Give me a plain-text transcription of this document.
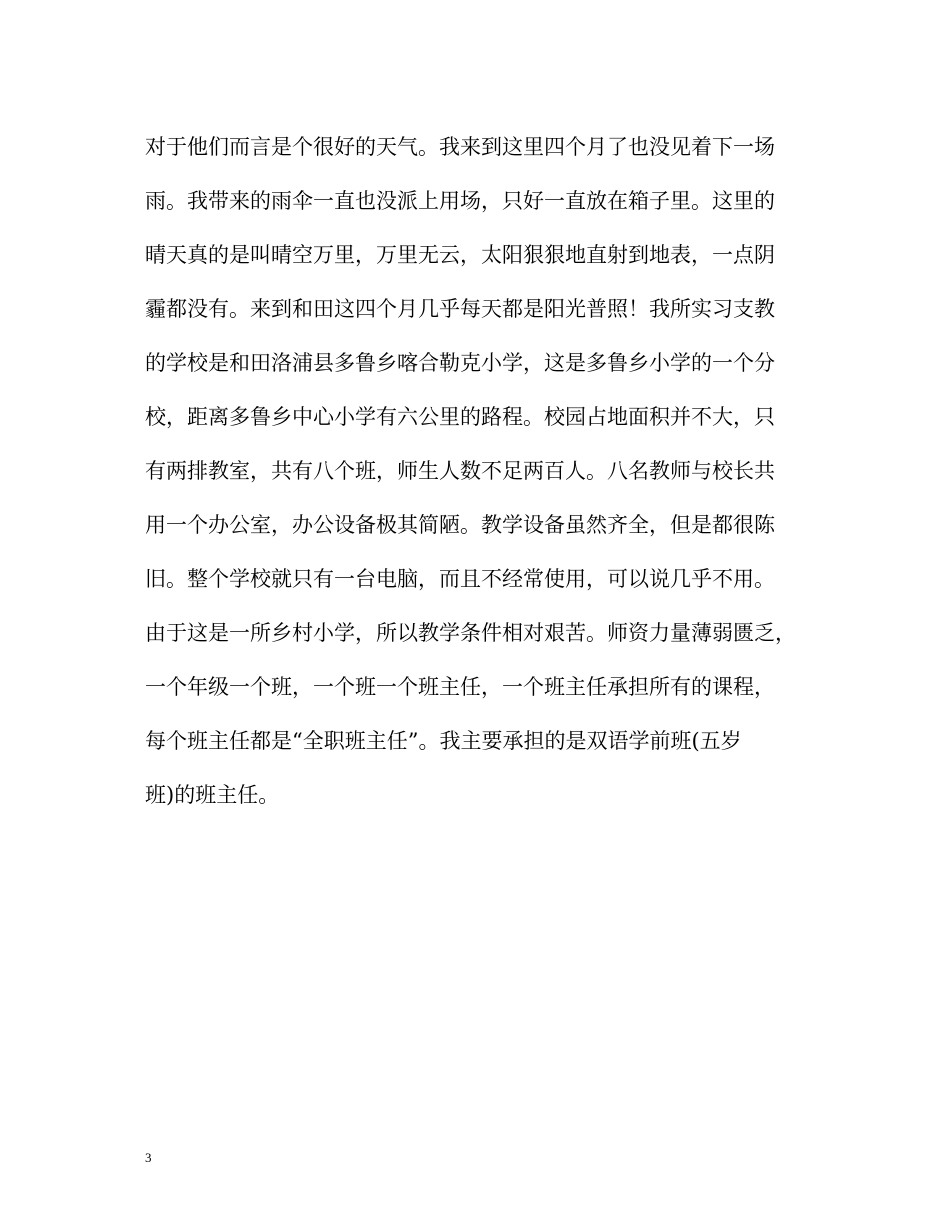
对于他们而言是个很好的天气。我来到这里四个月了也没见着下一场
雨。我带来的雨伞一直也没派上用场，只好一直放在箱子里。这里的
晴天真的是叫晴空万里，万里无云，太阳狠狠地直射到地表，一点阴
霾都没有。来到和田这四个月几乎每天都是阳光普照！我所实习支教
的学校是和田洛浦县多鲁乡喀合勒克小学，这是多鲁乡小学的一个分
校，距离多鲁乡中心小学有六公里的路程。校园占地面积并不大，只
有两排教室，共有八个班，师生人数不足两百人。八名教师与校长共
用一个办公室，办公设备极其简陋。教学设备虽然齐全，但是都很陈
旧。整个学校就只有一台电脑，而且不经常使用，可以说几乎不用。
由于这是一所乡村小学，所以教学条件相对艰苦。师资力量薄弱匮乏，
一个年级一个班，一个班一个班主任，一个班主任承担所有的课程，
每个班主任都是“全职班主任”。我主要承担的是双语学前班(五岁
班)的班主任。
3
